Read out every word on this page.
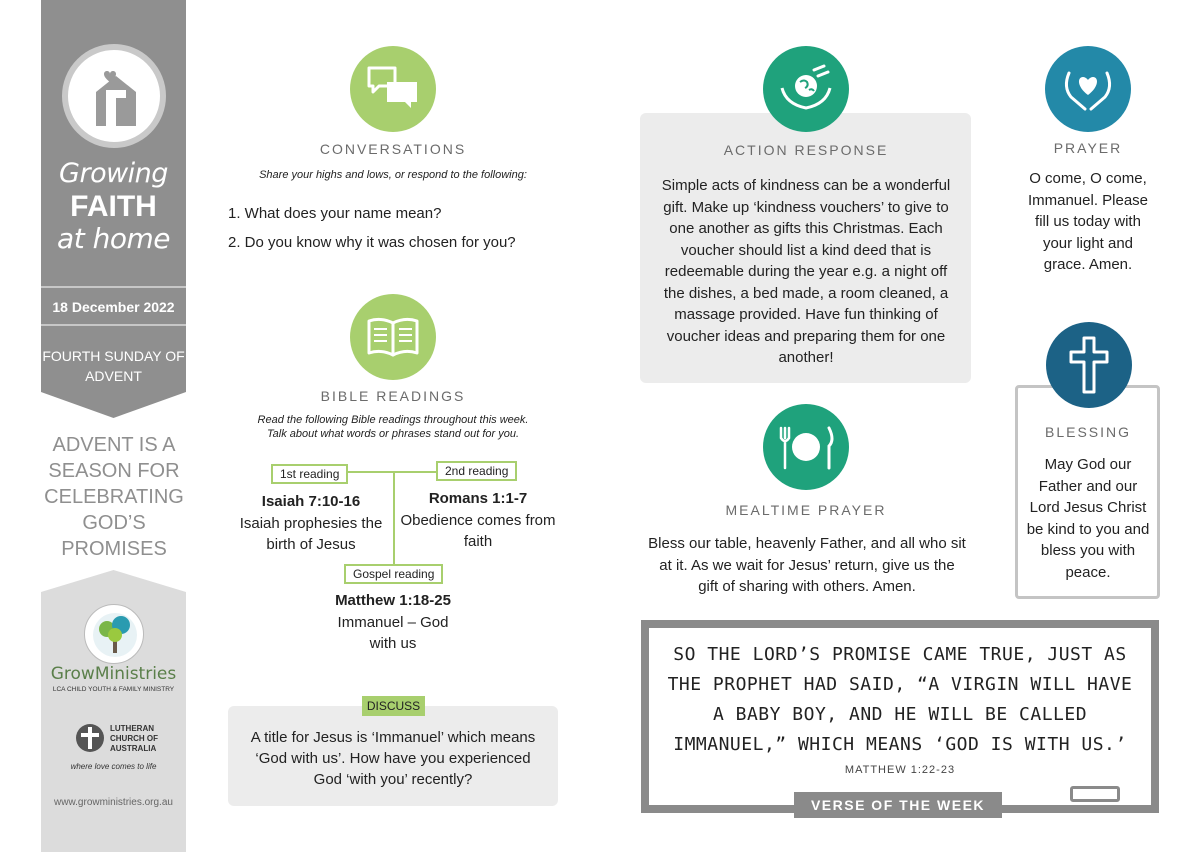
Growing
FAITH
at home
18 December 2022
FOURTH SUNDAY OF ADVENT
ADVENT IS A SEASON FOR CELEBRATING GOD’S PROMISES
GrowMinistries
LCA CHILD YOUTH & FAMILY MINISTRY
LUTHERAN CHURCH OF AUSTRALIA
where love comes to life
www.growministries.org.au
CONVERSATIONS
Share your highs and lows, or respond to the following:
1. What does your name mean?
2. Do you know why it was chosen for you?
BIBLE READINGS
Read the following Bible readings throughout this week.
Talk about what words or phrases stand out for you.
1st reading
Isaiah 7:10-16
Isaiah prophesies the birth of Jesus
2nd reading
Romans 1:1-7
Obedience comes from faith
Gospel reading
Matthew 1:18-25
Immanuel – God with us
DISCUSS
A title for Jesus is ‘Immanuel’ which means ‘God with us’. How have you experienced God ‘with you’ recently?
ACTION RESPONSE
Simple acts of kindness can be a wonderful gift. Make up ‘kindness vouchers’ to give to one another as gifts this Christmas. Each voucher should list a kind deed that is redeemable during the year e.g. a night off the dishes, a bed made, a room cleaned, a massage provided. Have fun thinking of voucher ideas and preparing them for one another!
MEALTIME PRAYER
Bless our table, heavenly Father, and all who sit at it. As we wait for Jesus’ return, give us the gift of sharing with others. Amen.
PRAYER
O come, O come, Immanuel. Please fill us today with your light and grace. Amen.
BLESSING
May God our Father and our Lord Jesus Christ be kind to you and bless you with peace.
SO THE LORD’S PROMISE CAME TRUE, JUST AS THE PROPHET HAD SAID, “A VIRGIN WILL HAVE A BABY BOY, AND HE WILL BE CALLED IMMANUEL,” WHICH MEANS ‘GOD IS WITH US.’
MATTHEW 1:22-23
VERSE OF THE WEEK
